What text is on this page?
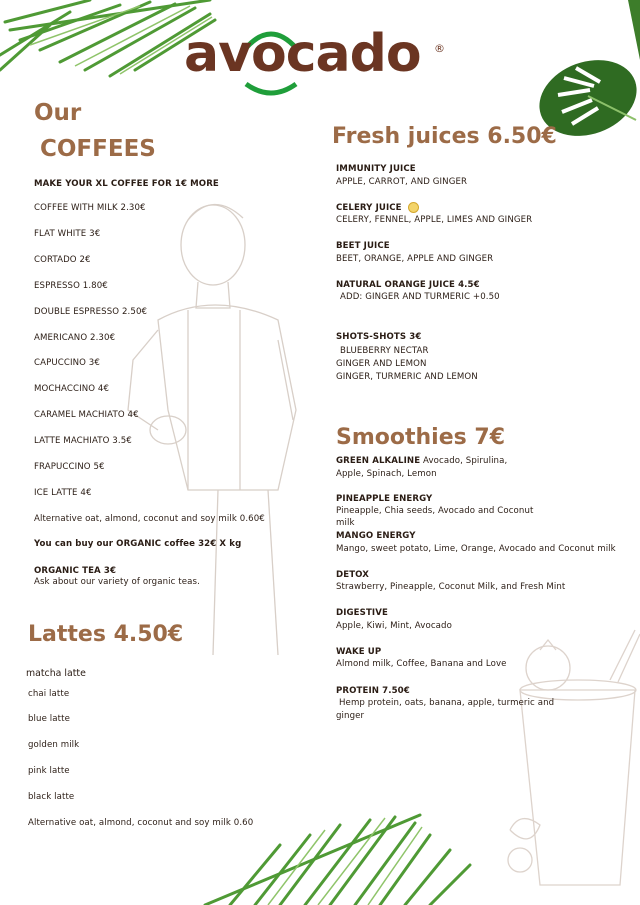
avocado ®
Our
COFFEES
MAKE YOUR XL COFFEE FOR 1€ MORE
COFFEE WITH MILK 2.30€
FLAT WHITE 3€
CORTADO 2€
ESPRESSO 1.80€
DOUBLE ESPRESSO 2.50€
AMERICANO 2.30€
CAPUCCINO 3€
MOCHACCINO 4€
CARAMEL MACHIATO 4€
LATTE MACHIATO 3.5€
FRAPUCCINO 5€
ICE LATTE 4€
Alternative oat, almond, coconut and soy milk 0.60€
You can buy our ORGANIC coffee 32€ X kg
ORGANIC TEA 3€
Ask about our variety of organic teas.
Lattes 4.50€
matcha latte
chai latte
blue latte
golden milk
pink latte
black latte
Alternative oat, almond, coconut and soy milk 0.60
Fresh juices 6.50€
IMMUNITY JUICE
APPLE, CARROT, AND GINGER
CELERY JUICE
CELERY, FENNEL, APPLE, LIMES AND GINGER
BEET JUICE
BEET, ORANGE, APPLE AND GINGER
NATURAL ORANGE JUICE 4.5€
ADD: GINGER AND TURMERIC +0.50
SHOTS-SHOTS 3€
BLUEBERRY NECTAR
GINGER AND LEMON
GINGER, TURMERIC AND LEMON
Smoothies 7€
GREEN ALKALINE Avocado, Spirulina,
Apple, Spinach, Lemon
PINEAPPLE ENERGY
Pineapple, Chia seeds, Avocado and Coconut
milk
MANGO ENERGY
Mango, sweet potato, Lime, Orange, Avocado and Coconut milk
DETOX
Strawberry, Pineapple, Coconut Milk, and Fresh Mint
DIGESTIVE
Apple, Kiwi, Mint, Avocado
WAKE UP
Almond milk, Coffee, Banana and Love
PROTEIN 7.50€
Hemp protein, oats, banana, apple, turmeric and
ginger
